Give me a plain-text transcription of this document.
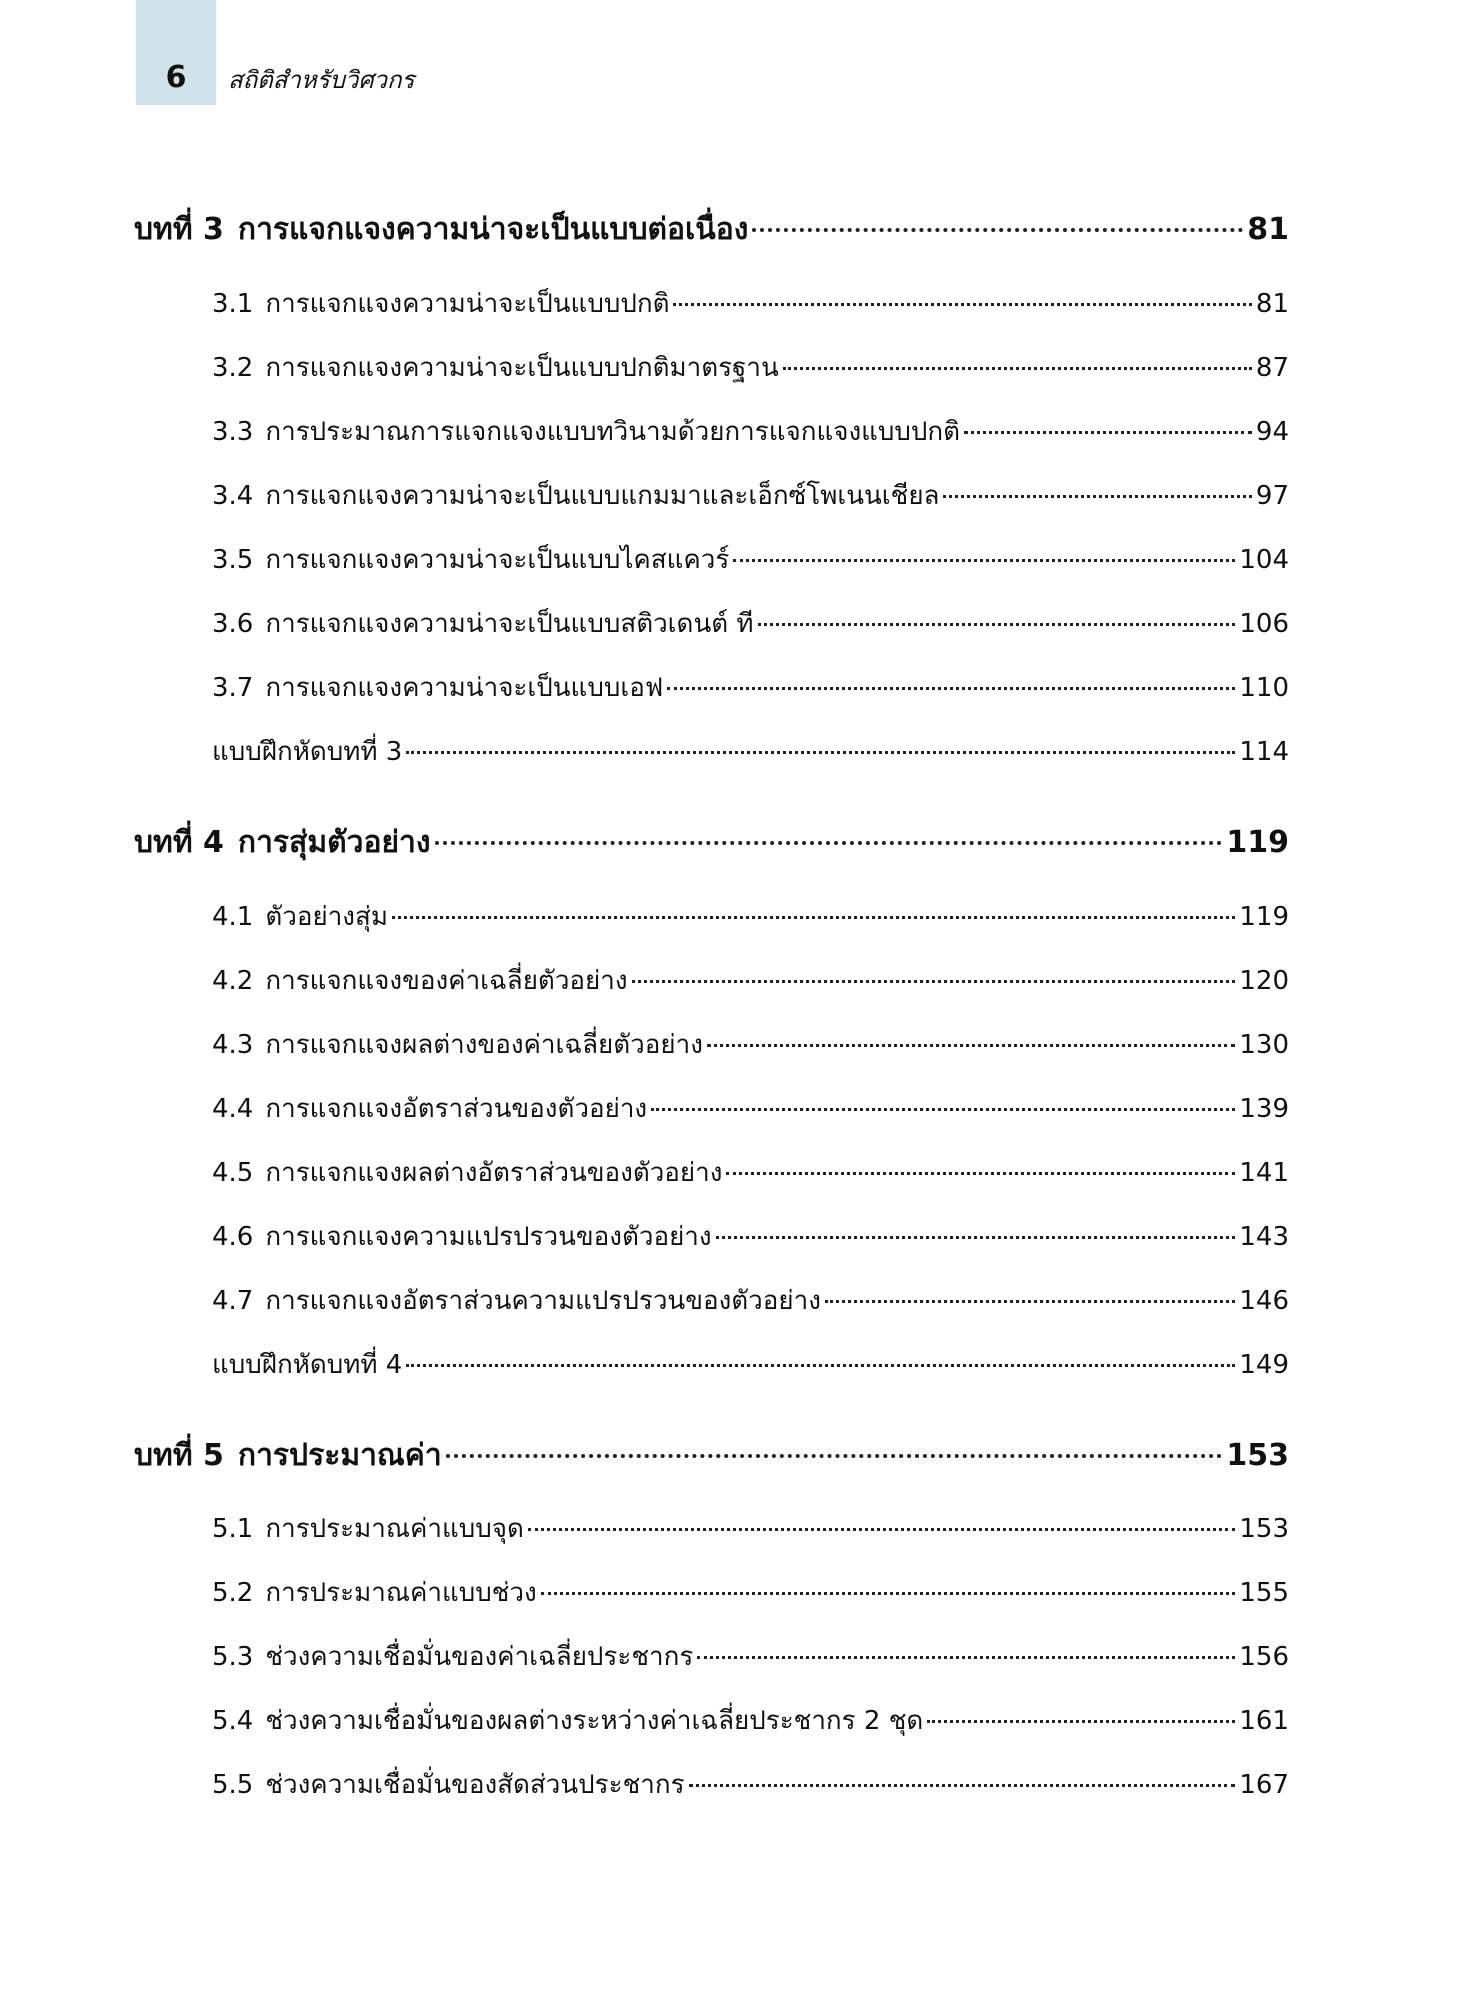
6	สถิติสำหรับวิศวกร
บทที่ 3 การแจกแจงความน่าจะเป็นแบบต่อเนื่อง	81
3.1 การแจกแจงความน่าจะเป็นแบบปกติ	81
3.2 การแจกแจงความน่าจะเป็นแบบปกติมาตรฐาน	87
3.3 การประมาณการแจกแจงแบบทวินามด้วยการแจกแจงแบบปกติ	94
3.4 การแจกแจงความน่าจะเป็นแบบแกมมาและเอ็กซ์โพเนนเชียล	97
3.5 การแจกแจงความน่าจะเป็นแบบไคสแควร์	104
3.6 การแจกแจงความน่าจะเป็นแบบสติวเดนต์ ที	106
3.7 การแจกแจงความน่าจะเป็นแบบเอฟ	110
แบบฝึกหัดบทที่ 3	114
บทที่ 4 การสุ่มตัวอย่าง	119
4.1 ตัวอย่างสุ่ม	119
4.2 การแจกแจงของค่าเฉลี่ยตัวอย่าง	120
4.3 การแจกแจงผลต่างของค่าเฉลี่ยตัวอย่าง	130
4.4 การแจกแจงอัตราส่วนของตัวอย่าง	139
4.5 การแจกแจงผลต่างอัตราส่วนของตัวอย่าง	141
4.6 การแจกแจงความแปรปรวนของตัวอย่าง	143
4.7 การแจกแจงอัตราส่วนความแปรปรวนของตัวอย่าง	146
แบบฝึกหัดบทที่ 4	149
บทที่ 5 การประมาณค่า	153
5.1 การประมาณค่าแบบจุด	153
5.2 การประมาณค่าแบบช่วง	155
5.3 ช่วงความเชื่อมั่นของค่าเฉลี่ยประชากร	156
5.4 ช่วงความเชื่อมั่นของผลต่างระหว่างค่าเฉลี่ยประชากร 2 ชุด	161
5.5 ช่วงความเชื่อมั่นของสัดส่วนประชากร	167
